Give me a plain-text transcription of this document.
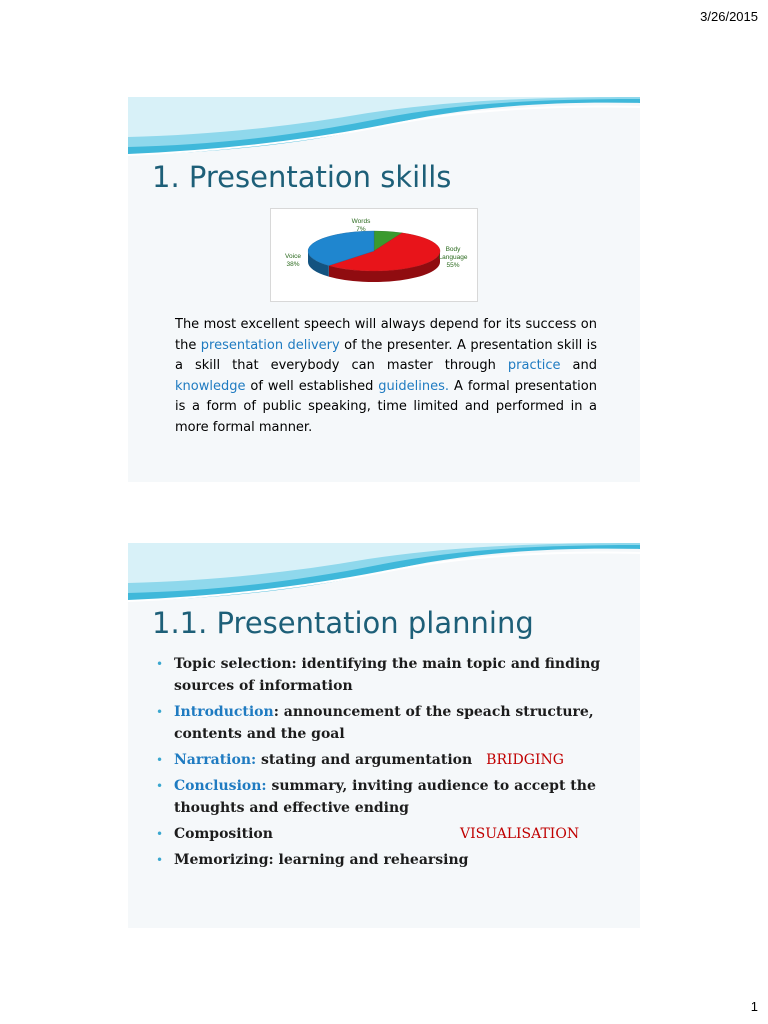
3/26/2015
1. Presentation skills
Words
7%
Body
Language
55%
Voice
38%

The most excellent speech will always depend for its success on the presentation delivery of the presenter. A presentation skill is a skill that everybody can master through practice and knowledge of well established guidelines. A formal presentation is a form of public speaking, time limited and performed in a more formal manner.

1.1. Presentation planning
• Topic selection: identifying the main topic and finding sources of information
• Introduction: announcement of the speach structure, contents and the goal
• Narration: stating and argumentation BRIDGING
• Conclusion: summary, inviting audience to accept the thoughts and effective ending
• Composition	VISUALISATION
• Memorizing: learning and rehearsing
1
